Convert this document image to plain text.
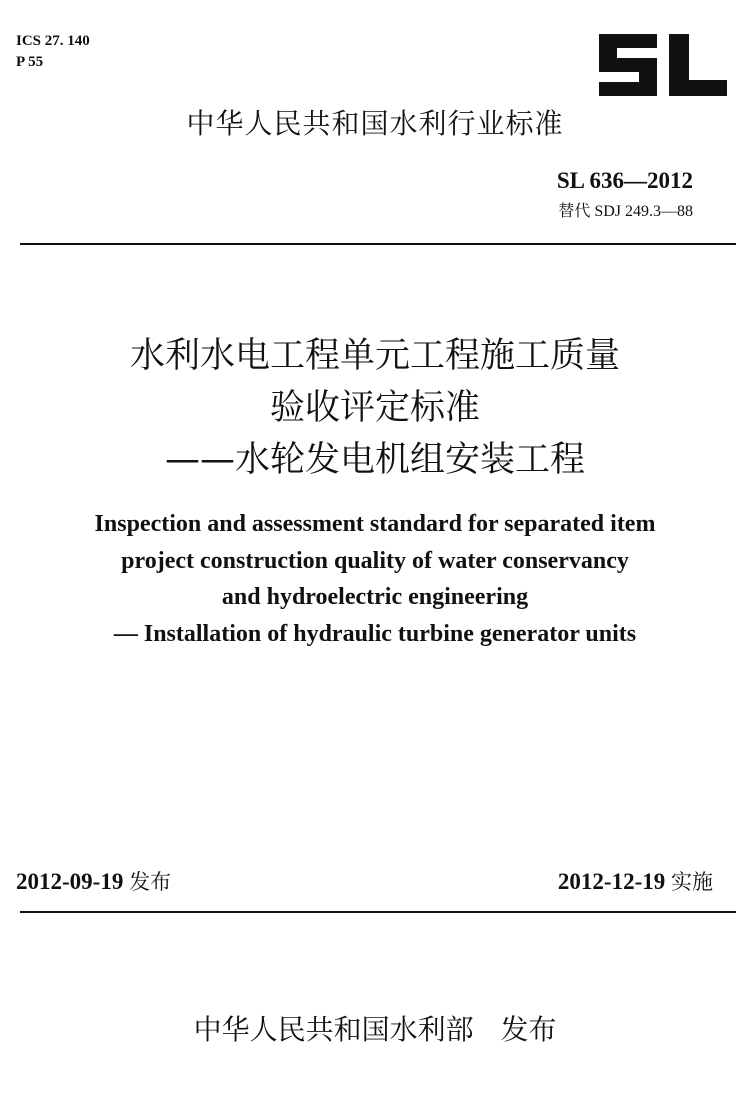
ICS 27. 140
P 55
中华人民共和国水利行业标准
SL 636—2012
替代 SDJ 249.3—88
水利水电工程单元工程施工质量
验收评定标准
——水轮发电机组安装工程
Inspection and assessment standard for separated item
project construction quality of water conservancy
and hydroelectric engineering
— Installation of hydraulic turbine generator units
2012-09-19 发布	2012-12-19 实施
中华人民共和国水利部 发布
